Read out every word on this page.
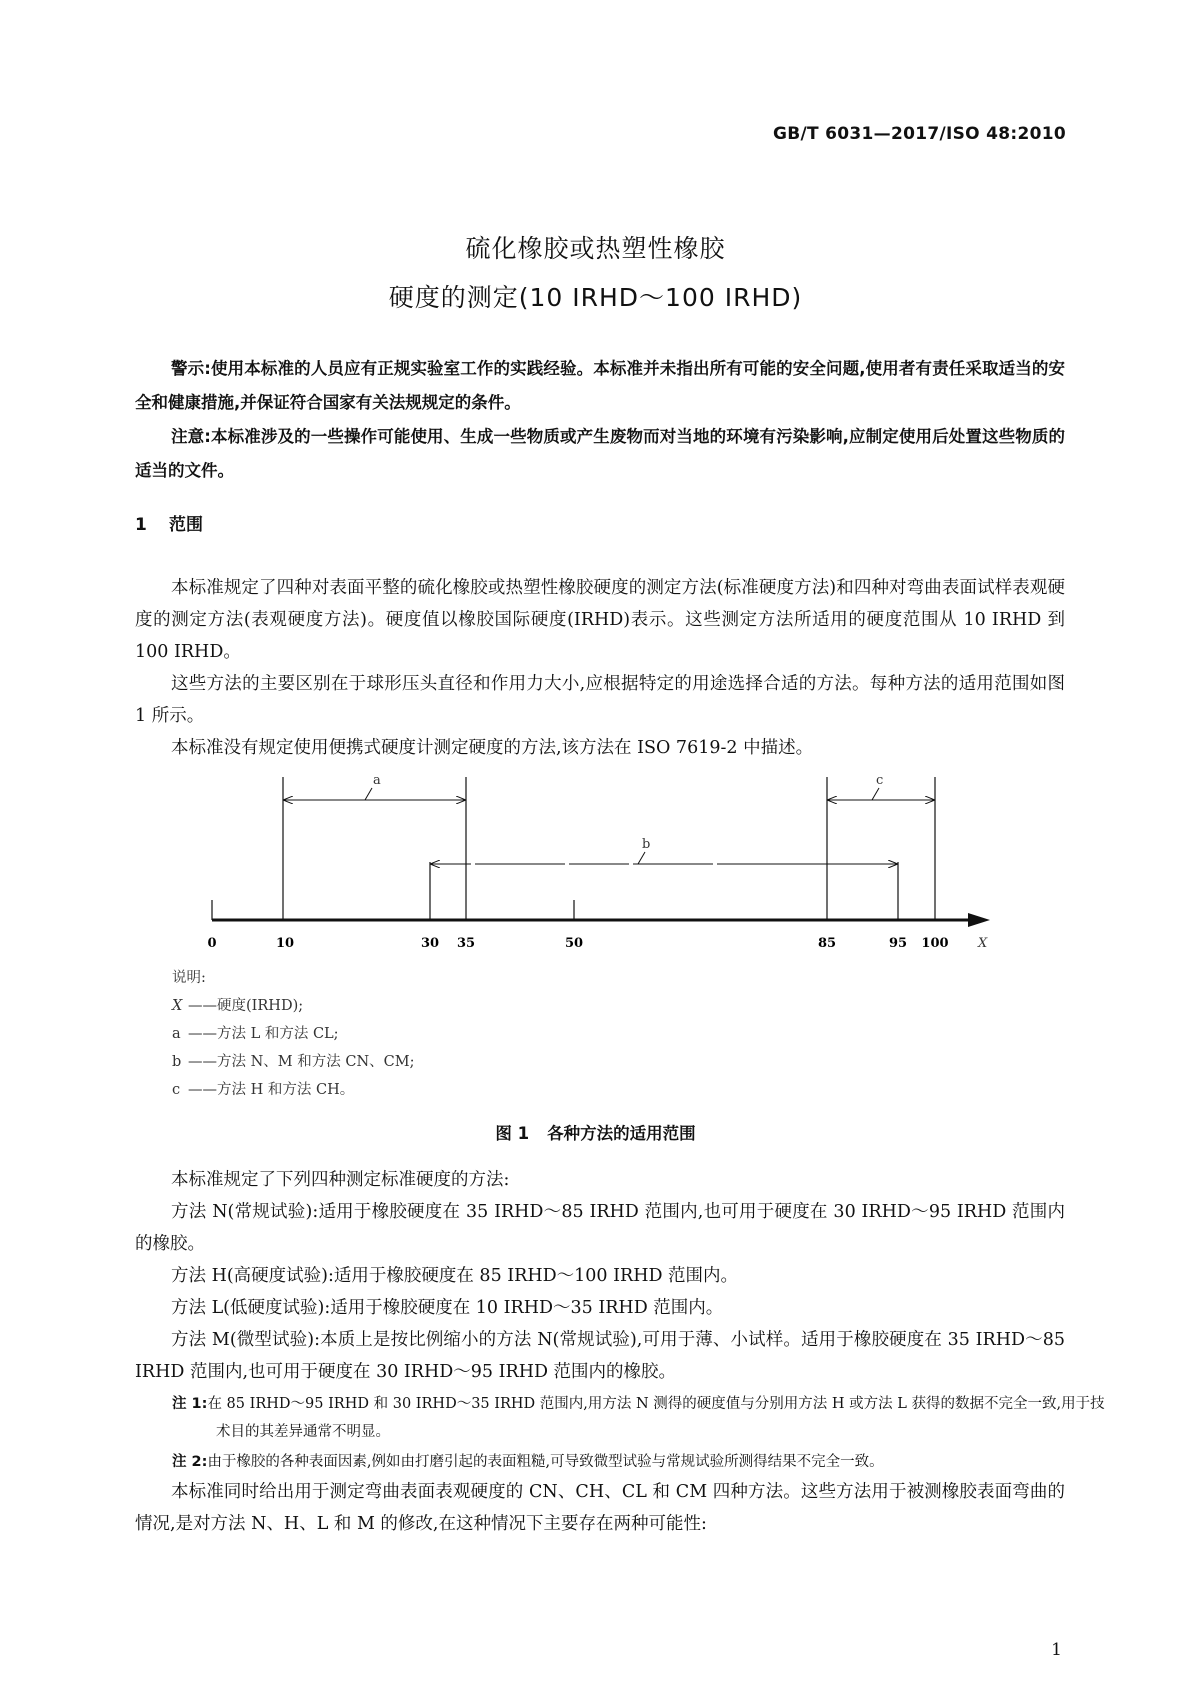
GB/T 6031—2017/ISO 48:2010
硫化橡胶或热塑性橡胶
硬度的测定(10 IRHD～100 IRHD)
警示:使用本标准的人员应有正规实验室工作的实践经验。本标准并未指出所有可能的安全问题,使用者有责任采取适当的安全和健康措施,并保证符合国家有关法规规定的条件。
注意:本标准涉及的一些操作可能使用、生成一些物质或产生废物而对当地的环境有污染影响,应制定使用后处置这些物质的适当的文件。
1 范围
本标准规定了四种对表面平整的硫化橡胶或热塑性橡胶硬度的测定方法(标准硬度方法)和四种对弯曲表面试样表观硬度的测定方法(表观硬度方法)。硬度值以橡胶国际硬度(IRHD)表示。这些测定方法所适用的硬度范围从 10 IRHD 到 100 IRHD。
这些方法的主要区别在于球形压头直径和作用力大小,应根据特定的用途选择合适的方法。每种方法的适用范围如图 1 所示。
本标准没有规定使用便携式硬度计测定硬度的方法,该方法在 ISO 7619-2 中描述。
a
b
c
0	10	30 35	50	85	95 100 X
说明:
X ——硬度(IRHD);
a ——方法 L 和方法 CL;
b ——方法 N、M 和方法 CN、CM;
c ——方法 H 和方法 CH。
图 1 各种方法的适用范围
本标准规定了下列四种测定标准硬度的方法:
方法 N(常规试验):适用于橡胶硬度在 35 IRHD～85 IRHD 范围内,也可用于硬度在 30 IRHD～95 IRHD 范围内的橡胶。
方法 H(高硬度试验):适用于橡胶硬度在 85 IRHD～100 IRHD 范围内。
方法 L(低硬度试验):适用于橡胶硬度在 10 IRHD～35 IRHD 范围内。
方法 M(微型试验):本质上是按比例缩小的方法 N(常规试验),可用于薄、小试样。适用于橡胶硬度在 35 IRHD～85 IRHD 范围内,也可用于硬度在 30 IRHD～95 IRHD 范围内的橡胶。
注 1:在 85 IRHD～95 IRHD 和 30 IRHD～35 IRHD 范围内,用方法 N 测得的硬度值与分别用方法 H 或方法 L 获得的数据不完全一致,用于技术目的其差异通常不明显。
注 2:由于橡胶的各种表面因素,例如由打磨引起的表面粗糙,可导致微型试验与常规试验所测得结果不完全一致。
本标准同时给出用于测定弯曲表面表观硬度的 CN、CH、CL 和 CM 四种方法。这些方法用于被测橡胶表面弯曲的情况,是对方法 N、H、L 和 M 的修改,在这种情况下主要存在两种可能性:
1
